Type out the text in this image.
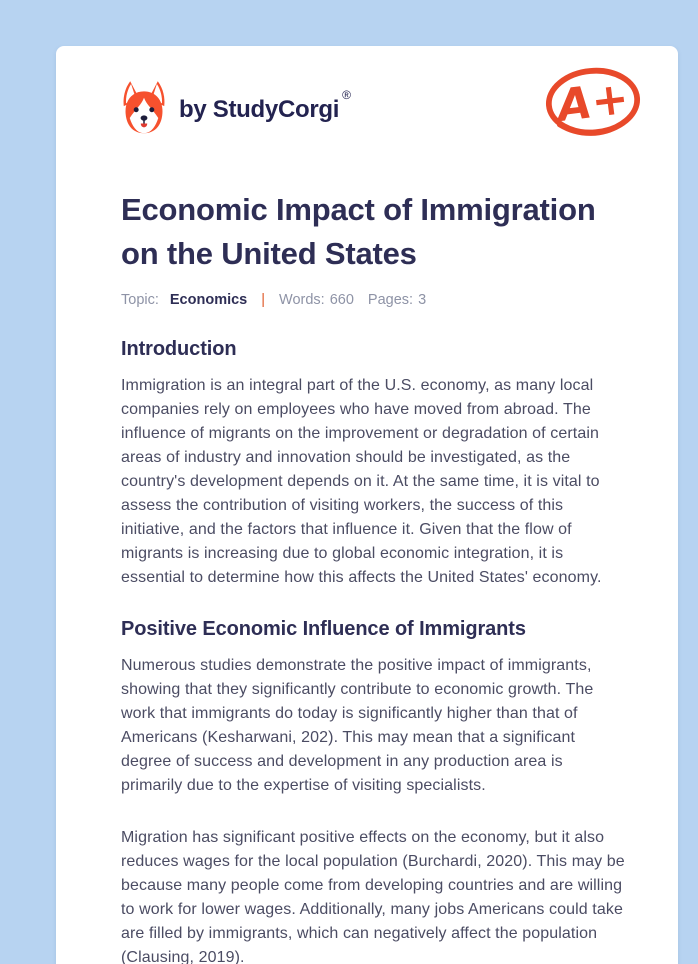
by StudyCorgi®	A+
Economic Impact of Immigration on the United States
Topic: Economics | Words: 660 Pages: 3
Introduction

Immigration is an integral part of the U.S. economy, as many local companies rely on employees who have moved from abroad. The influence of migrants on the improvement or degradation of certain areas of industry and innovation should be investigated, as the country's development depends on it. At the same time, it is vital to assess the contribution of visiting workers, the success of this initiative, and the factors that influence it. Given that the flow of migrants is increasing due to global economic integration, it is essential to determine how this affects the United States' economy.

Positive Economic Influence of Immigrants

Numerous studies demonstrate the positive impact of immigrants, showing that they significantly contribute to economic growth. The work that immigrants do today is significantly higher than that of Americans (Kesharwani, 202). This may mean that a significant degree of success and development in any production area is primarily due to the expertise of visiting specialists.

Migration has significant positive effects on the economy, but it also reduces wages for the local population (Burchardi, 2020). This may be because many people come from developing countries and are willing to work for lower wages. Additionally, many jobs Americans could take are filled by immigrants, which can negatively affect the population (Clausing, 2019).
